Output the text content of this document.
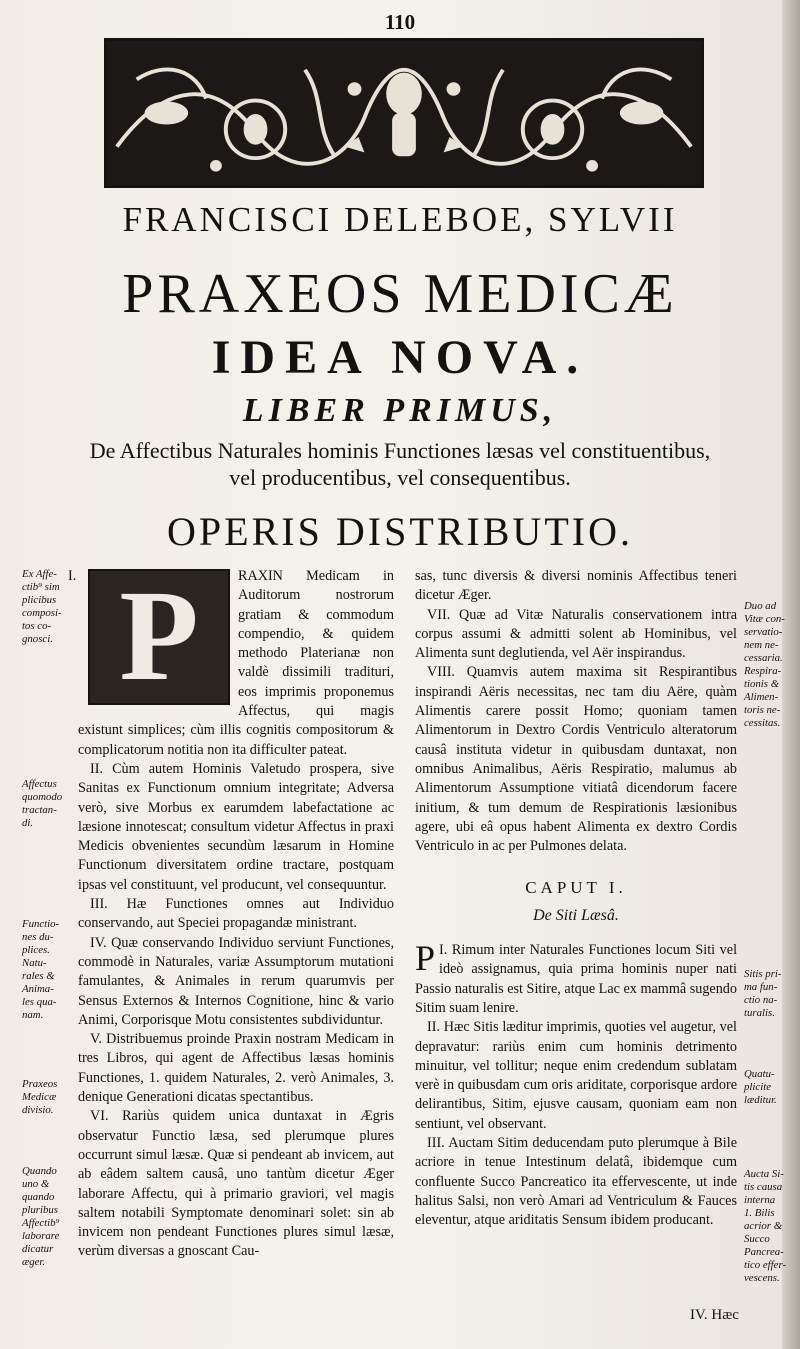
110
FRANCISCI DELEBOE, SYLVII
PRAXEOS MEDICÆ
IDEA NOVA.
LIBER PRIMUS,
De Affectibus Naturales hominis Functiones læsas vel constituentibus,
vel producentibus, vel consequentibus.
OPERIS DISTRIBUTIO.
Ex Affe-
ctib⁹ sim
plicibus
composi-
tos co-
gnosci.
Affectus
quomodo
tractan-
di.
Functio-
nes du-
plices.
Natu-
rales &
Anima-
les qua-
nam.
Praxeos
Medicæ
divisio.
Quando
uno &
quando
pluribus
Affectib⁹
laborare
dicatur
æger.
I. P	RAXIN Medicam in Auditorum nostrorum gratiam & commodum compendio, & quidem methodo Platerianæ non valdè dissimili tradituri, eos imprimis proponemus Affectus, qui magis existunt simplices; cùm illis cognitis compositorum & complicatorum notitia non ita difficulter pateat.

II. Cùm autem Hominis Valetudo prospera, sive Sanitas ex Functionum omnium integritate; Adversa verò, sive Morbus ex earumdem labefactatione ac læsione innotescat; consultum videtur Affectus in praxi Medicis obvenientes secundùm læsarum in Homine Functionum diversitatem ordine tractare, postquam ipsas vel constituunt, vel producunt, vel consequuntur.

III. Hæ Functiones omnes aut Individuo conservando, aut Speciei propagandæ ministrant.

IV. Quæ conservando Individuo serviunt Functiones, commodè in Naturales, variæ Assumptorum mutationi famulantes, & Animales in rerum quarumvis per Sensus Externos & Internos Cognitione, hinc & vario Animi, Corporisque Motu consistentes subdividuntur.

V. Distribuemus proinde Praxin nostram Medicam in tres Libros, qui agent de Affectibus læsas hominis Functiones, 1. quidem Naturales, 2. verò Animales, 3. denique Generationi dicatas spectantibus.

VI. Rariùs quidem unica duntaxat in Ægris observatur Functio læsa, sed plerumque plures occurrunt simul læsæ. Quæ si pendeant ab invicem, aut ab eâdem saltem causâ, uno tantùm dicetur Æger laborare Affectu, qui à primario graviori, vel magis saltem notabili Symptomate denominari solet: sin ab invicem non pendeant Functiones plures simul læsæ, verùm diversas a gnoscant Cau-

sas, tunc diversis & diversi nominis Affectibus teneri dicetur Æger.

VII. Quæ ad Vitæ Naturalis conservationem intra corpus assumi & admitti solent ab Hominibus, vel Alimenta sunt deglutienda, vel Aër inspirandus.

VIII. Quamvis autem maxima sit Respirantibus inspirandi Aëris necessitas, nec tam diu Aëre, quàm Alimentis carere possit Homo; quoniam tamen Alimentorum in Dextro Cordis Ventriculo alteratorum causâ instituta videtur in quibusdam duntaxat, non omnibus Animalibus, Aëris Respiratio, malumus ab Alimentorum Assumptione vitiatâ dicendorum facere initium, & tum demum de Respirationis læsionibus agere, ubi eâ opus habent Alimenta ex dextro Cordis Ventriculo in ac per Pulmones delata.

CAPUT I.
De Siti Læsâ.

I.
P Rimum inter Naturales Functiones locum Siti vel ideò assignamus, quia prima hominis nuper nati Passio naturalis est Sitire, atque Lac ex mammâ sugendo Sitim suam lenire.

II. Hæc Sitis læditur imprimis, quoties vel augetur, vel depravatur: rariùs enim cum hominis detrimento minuitur, vel tollitur; neque enim credendum sublatam verè in quibusdam cum oris ariditate, corporisque ardore delirantibus, Sitim, ejusve causam, quoniam eam non sentiunt, vel observant.

III. Auctam Sitim deducendam puto plerumque à Bile acriore in tenue Intestinum delatâ, ibidemque cum confluente Succo Pancreatico ita effervescente, ut inde halitus Salsi, non verò Amari ad Ventriculum & Fauces eleventur, atque ariditatis Sensum ibidem producant.

Duo ad
Vitæ con-
servatio-
nem ne-
cessaria.
Respira-
tionis &
Alimen-
toris ne-
cessitas.
Sitis pri-
ma fun-
ctio na-
turalis.
Quatu-
plicite
læditur.
Aucta Si-
tis causa
interna
1. Bilis
acrior &
Succo
Pancrea-
tico effer-
vescens.
IV. Hæc
